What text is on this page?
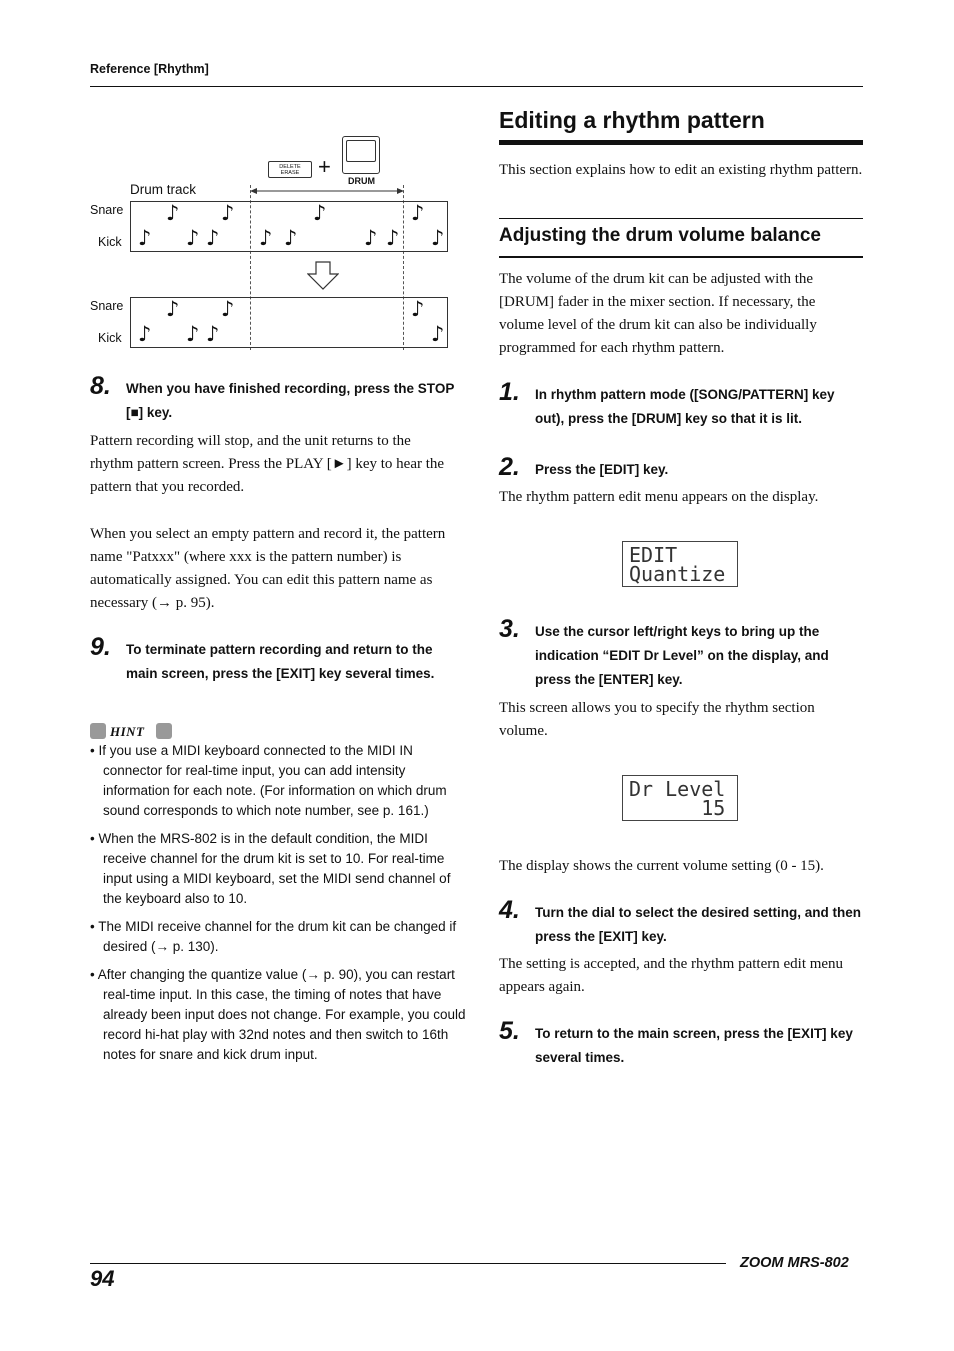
Reference [Rhythm]
DELETE
ERASE +
DRUM
Drum track
Snare
Kick
♪ ♪	♪	♪
♪ ♪ ♪ ♪ ♪	♪ ♪ ♪
Snare
Kick
♪ ♪	♪
♪ ♪ ♪	♪
8. When you have finished recording, press the STOP [■] key.
Pattern recording will stop, and the unit returns to the rhythm pattern screen. Press the PLAY [►] key to hear the pattern that you recorded.
When you select an empty pattern and record it, the pattern name "Patxxx" (where xxx is the pattern number) is automatically assigned. You can edit this pattern name as necessary (→ p. 95).
9. To terminate pattern recording and return to the main screen, press the [EXIT] key several times.
HINT
• If you use a MIDI keyboard connected to the MIDI IN connector for real-time input, you can add intensity information for each note. (For information on which drum sound corresponds to which note number, see p. 161.)
• When the MRS-802 is in the default condition, the MIDI receive channel for the drum kit is set to 10. For real-time input using a MIDI keyboard, set the MIDI send channel of the keyboard also to 10.
• The MIDI receive channel for the drum kit can be changed if desired (→ p. 130).
• After changing the quantize value (→ p. 90), you can restart real-time input. In this case, the timing of notes that have already been input does not change. For example, you could record hi-hat play with 32nd notes and then switch to 16th notes for snare and kick drum input.
Editing a rhythm pattern
This section explains how to edit an existing rhythm pattern.
Adjusting the drum volume balance
The volume of the drum kit can be adjusted with the [DRUM] fader in the mixer section. If necessary, the volume level of the drum kit can also be individually programmed for each rhythm pattern.
1. In rhythm pattern mode ([SONG/PATTERN] key out), press the [DRUM] key so that it is lit.
2. Press the [EDIT] key.
The rhythm pattern edit menu appears on the display.
EDIT
Quantize
3. Use the cursor left/right keys to bring up the indication “EDIT Dr Level” on the display, and press the [ENTER] key.
This screen allows you to specify the rhythm section volume.
Dr Level
15
The display shows the current volume setting (0 - 15).
4. Turn the dial to select the desired setting, and then press the [EXIT] key.
The setting is accepted, and the rhythm pattern edit menu appears again.
5. To return to the main screen, press the [EXIT] key several times.
ZOOM MRS-802
94
